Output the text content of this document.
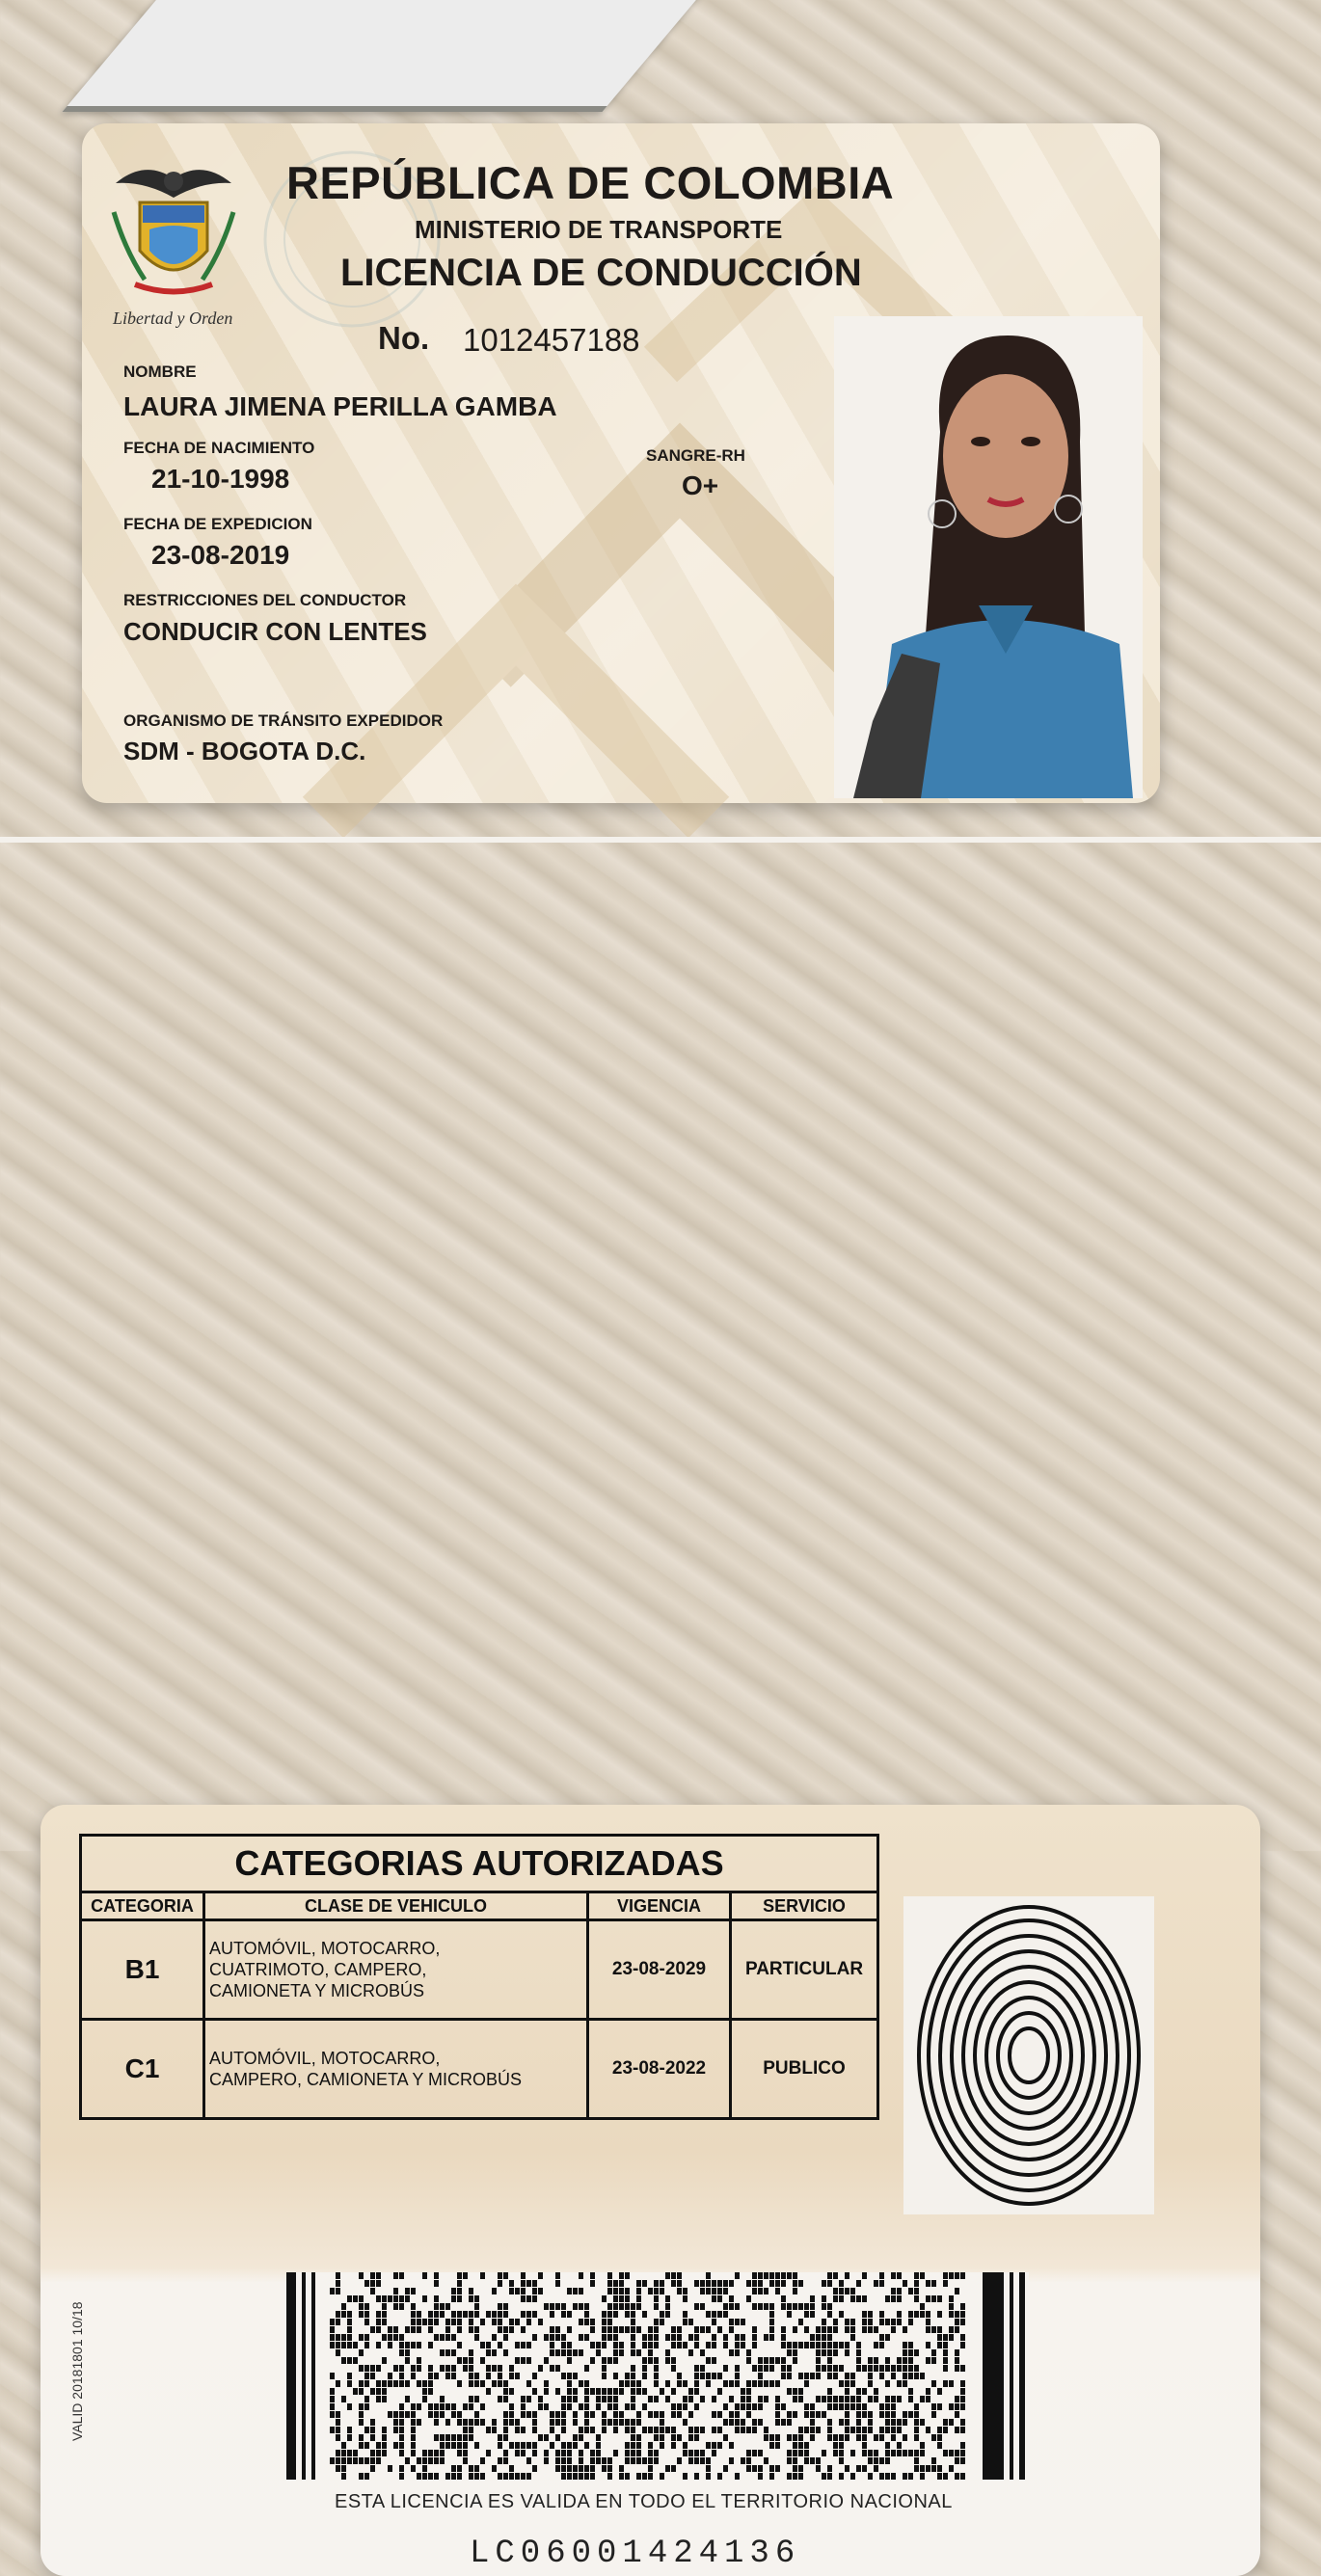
Libertad y Orden
REPÚBLICA DE COLOMBIA
MINISTERIO DE TRANSPORTE
LICENCIA DE CONDUCCIÓN
No. 1012457188
NOMBRE
LAURA JIMENA PERILLA GAMBA
FECHA DE NACIMIENTO
21-10-1998
SANGRE-RH
O+
FECHA DE EXPEDICION
23-08-2019
RESTRICCIONES DEL CONDUCTOR
CONDUCIR CON LENTES
ORGANISMO DE TRÁNSITO EXPEDIDOR
SDM - BOGOTA D.C.
CATEGORIAS AUTORIZADAS			
CATEGORIA	CLASE DE VEHICULO	VIGENCIA	SERVICIO
B1	AUTOMÓVIL, MOTOCARRO,
CUATRIMOTO, CAMPERO,
CAMIONETA Y MICROBÚS	23-08-2029	PARTICULAR
C1	AUTOMÓVIL, MOTOCARRO,
CAMPERO, CAMIONETA Y MICROBÚS	23-08-2022	PUBLICO
VALID 20181801 10/18
ESTA LICENCIA ES VALIDA EN TODO EL TERRITORIO NACIONAL
LC06001424136
